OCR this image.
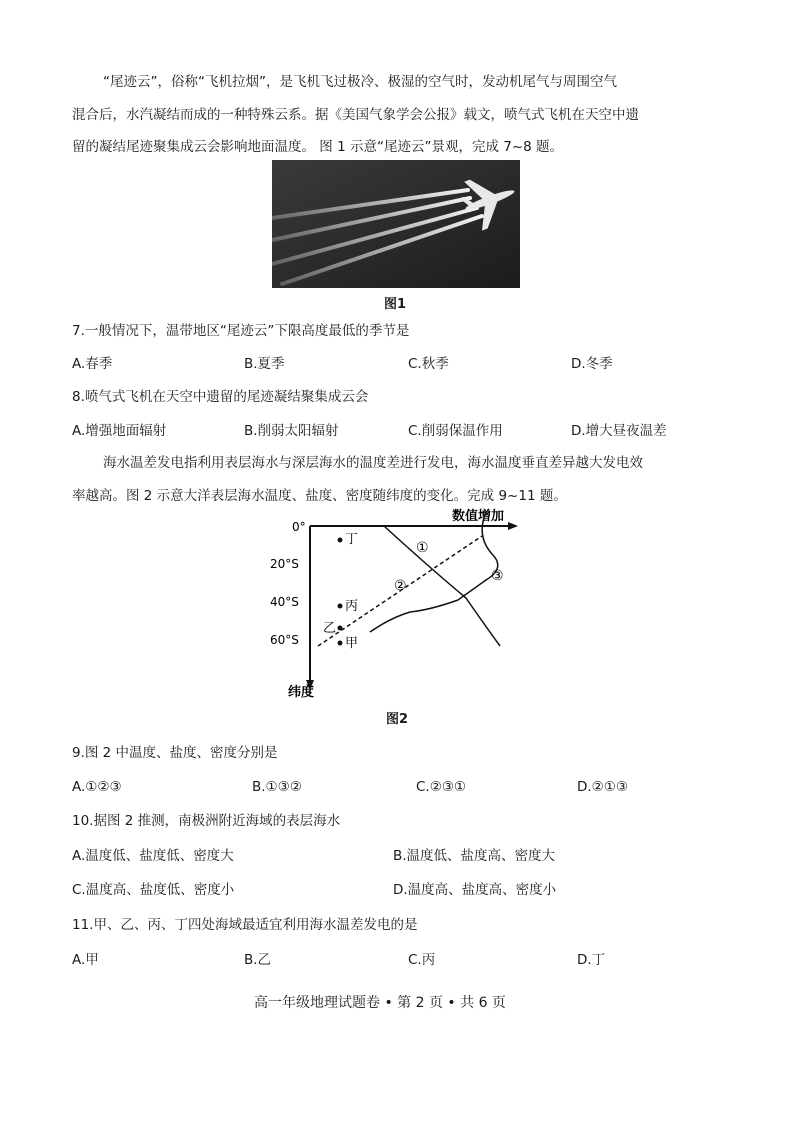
“尾迹云”，俗称“飞机拉烟”，是飞机飞过极冷、极湿的空气时，发动机尾气与周围空气
混合后，水汽凝结而成的一种特殊云系。据《美国气象学会公报》载文，喷气式飞机在天空中遗
留的凝结尾迹聚集成云会影响地面温度。 图 1 示意“尾迹云”景观，完成 7~8 题。
图1
7.一般情况下，温带地区“尾迹云”下限高度最低的季节是
A.春季	B.夏季	C.秋季	D.冬季
8.喷气式飞机在天空中遗留的尾迹凝结聚集成云会
A.增强地面辐射	B.削弱太阳辐射	C.削弱保温作用	D.增大昼夜温差
海水温差发电指利用表层海水与深层海水的温度差进行发电，海水温度垂直差异越大发电效
率越高。图 2 示意大洋表层海水温度、盐度、密度随纬度的变化。完成 9~11 题。
数值增加
纬度
0°
20°S
40°S
60°S
丁
丙
乙
甲
①
②
③
图2
9.图 2 中温度、盐度、密度分别是
A.①②③	B.①③②	C.②③①	D.②①③
10.据图 2 推测，南极洲附近海域的表层海水
A.温度低、盐度低、密度大	B.温度低、盐度高、密度大
C.温度高、盐度低、密度小	D.温度高、盐度高、密度小
11.甲、乙、丙、丁四处海域最适宜利用海水温差发电的是
A.甲	B.乙	C.丙	D.丁
高一年级地理试题卷 • 第 2 页 • 共 6 页
